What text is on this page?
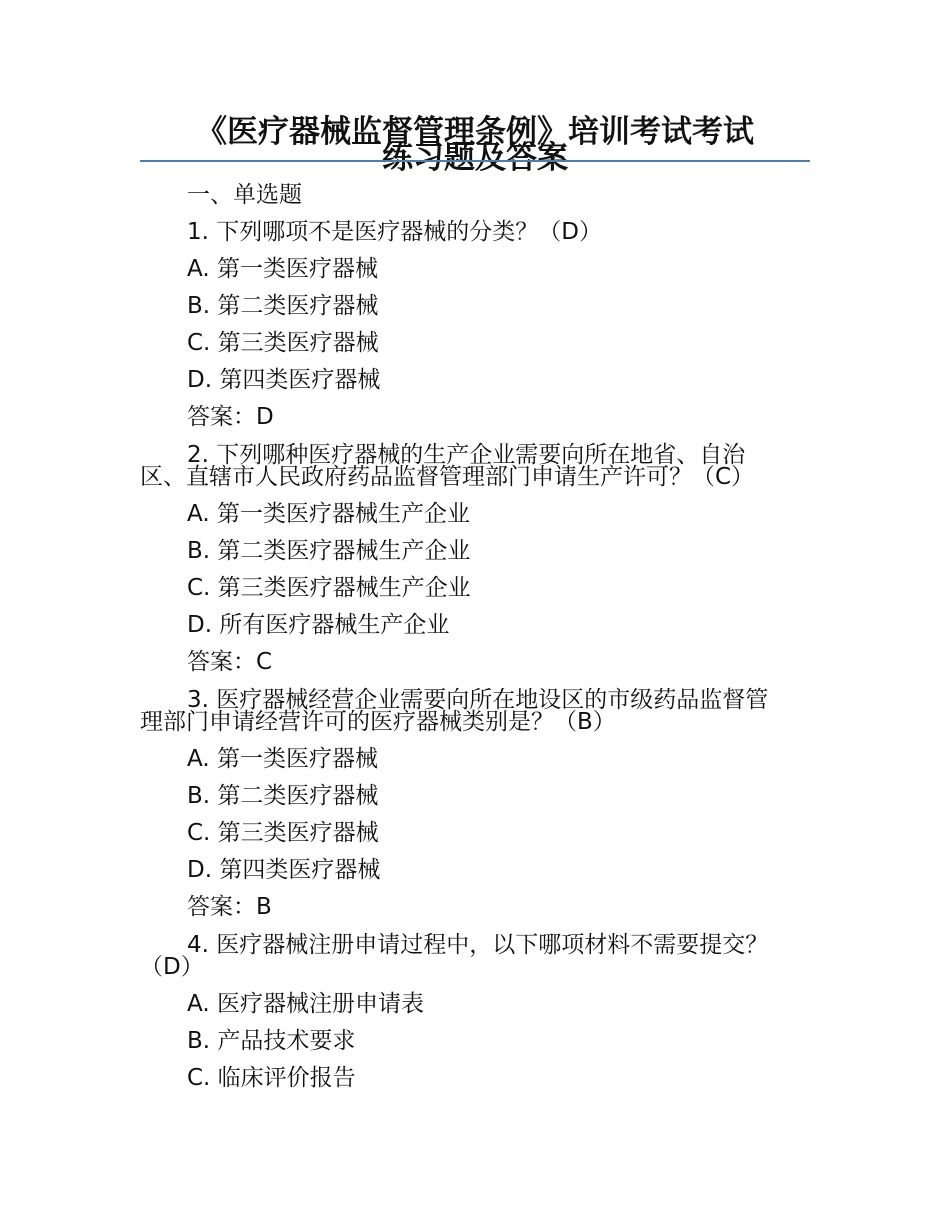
《医疗器械监督管理条例》培训考试考试
练习题及答案
一、单选题
1. 下列哪项不是医疗器械的分类？（D）
A. 第一类医疗器械
B. 第二类医疗器械
C. 第三类医疗器械
D. 第四类医疗器械
答案：D
2. 下列哪种医疗器械的生产企业需要向所在地省、自治
区、直辖市人民政府药品监督管理部门申请生产许可？（C）
A. 第一类医疗器械生产企业
B. 第二类医疗器械生产企业
C. 第三类医疗器械生产企业
D. 所有医疗器械生产企业
答案：C
3. 医疗器械经营企业需要向所在地设区的市级药品监督管
理部门申请经营许可的医疗器械类别是？（B）
A. 第一类医疗器械
B. 第二类医疗器械
C. 第三类医疗器械
D. 第四类医疗器械
答案：B
4. 医疗器械注册申请过程中，以下哪项材料不需要提交？
（D）
A. 医疗器械注册申请表
B. 产品技术要求
C. 临床评价报告
